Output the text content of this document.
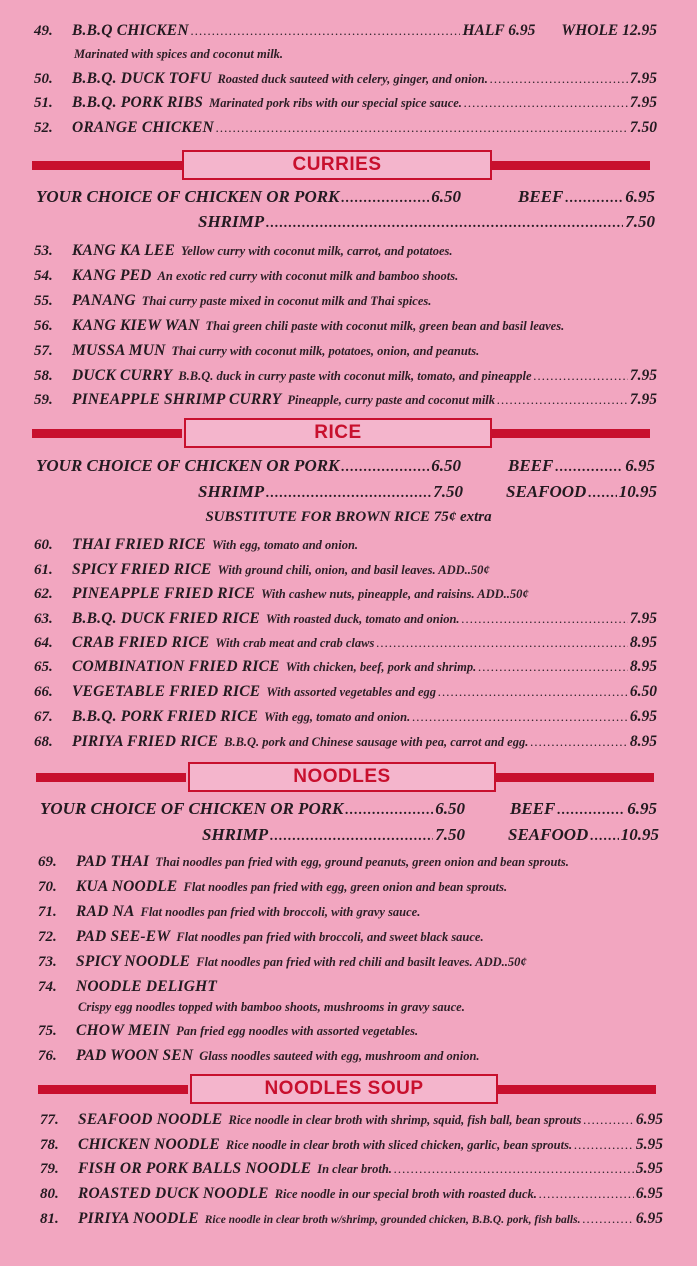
49.	B.B.Q CHICKEN .....	HALF 6.95 WHOLE 12.95
Marinated with spices and coconut milk.
50.	B.B.Q. DUCK TOFU Roasted duck sauteed with celery, ginger, and onion. .....	7.95
51.	B.B.Q. PORK RIBS Marinated pork ribs with our special spice sauce. .....	7.95
52.	ORANGE CHICKEN .....	7.50
CURRIES
YOUR CHOICE OF CHICKEN OR PORK .....	6.50	BEEF .....	6.95
SHRIMP .....	7.50
53.	KANG KA LEE Yellow curry with coconut milk, carrot, and potatoes.
54.	KANG PED An exotic red curry with coconut milk and bamboo shoots.
55.	PANANG Thai curry paste mixed in coconut milk and Thai spices.
56.	KANG KIEW WAN Thai green chili paste with coconut milk, green bean and basil leaves.
57.	MUSSA MUN Thai curry with coconut milk, potatoes, onion, and peanuts.
58.	DUCK CURRY B.B.Q. duck in curry paste with coconut milk, tomato, and pineapple .....	7.95
59.	PINEAPPLE SHRIMP CURRY Pineapple, curry paste and coconut milk .....	7.95
RICE
YOUR CHOICE OF CHICKEN OR PORK .....	6.50	BEEF .....	6.95
SHRIMP .....	7.50	SEAFOOD ..... 10.95
SUBSTITUTE FOR BROWN RICE 75¢ extra
60.	THAI FRIED RICE With egg, tomato and onion.
61.	SPICY FRIED RICE With ground chili, onion, and basil leaves. ADD..50¢
62.	PINEAPPLE FRIED RICE With cashew nuts, pineapple, and raisins. ADD..50¢
63.	B.B.Q. DUCK FRIED RICE With roasted duck, tomato and onion. .....	7.95
64.	CRAB FRIED RICE With crab meat and crab claws .....	8.95
65.	COMBINATION FRIED RICE With chicken, beef, pork and shrimp. .....	8.95
66.	VEGETABLE FRIED RICE With assorted vegetables and egg .....	6.50
67.	B.B.Q. PORK FRIED RICE With egg, tomato and onion. .....	6.95
68.	PIRIYA FRIED RICE B.B.Q. pork and Chinese sausage with pea, carrot and egg. .....	8.95
NOODLES
YOUR CHOICE OF CHICKEN OR PORK .....	6.50	BEEF .....	6.95
SHRIMP .....	7.50	SEAFOOD ..... 10.95
69.	PAD THAI Thai noodles pan fried with egg, ground peanuts, green onion and bean sprouts.
70.	KUA NOODLE Flat noodles pan fried with egg, green onion and bean sprouts.
71.	RAD NA Flat noodles pan fried with broccoli, with gravy sauce.
72.	PAD SEE-EW Flat noodles pan fried with broccoli, and sweet black sauce.
73.	SPICY NOODLE Flat noodles pan fried with red chili and basilt leaves. ADD..50¢
74.	NOODLE DELIGHT
Crispy egg noodles topped with bamboo shoots, mushrooms in gravy sauce.
75.	CHOW MEIN Pan fried egg noodles with assorted vegetables.
76.	PAD WOON SEN Glass noodles sauteed with egg, mushroom and onion.
NOODLES SOUP
77.	SEAFOOD NOODLE Rice noodle in clear broth with shrimp, squid, fish ball, bean sprouts .....	6.95
78.	CHICKEN NOODLE Rice noodle in clear broth with sliced chicken, garlic, bean sprouts. .....	5.95
79.	FISH OR PORK BALLS NOODLE In clear broth. .....	5.95
80.	ROASTED DUCK NOODLE Rice noodle in our special broth with roasted duck. .....	6.95
81.	PIRIYA NOODLE Rice noodle in clear broth w/shrimp, grounded chicken, B.B.Q. pork, fish balls. .....	6.95
